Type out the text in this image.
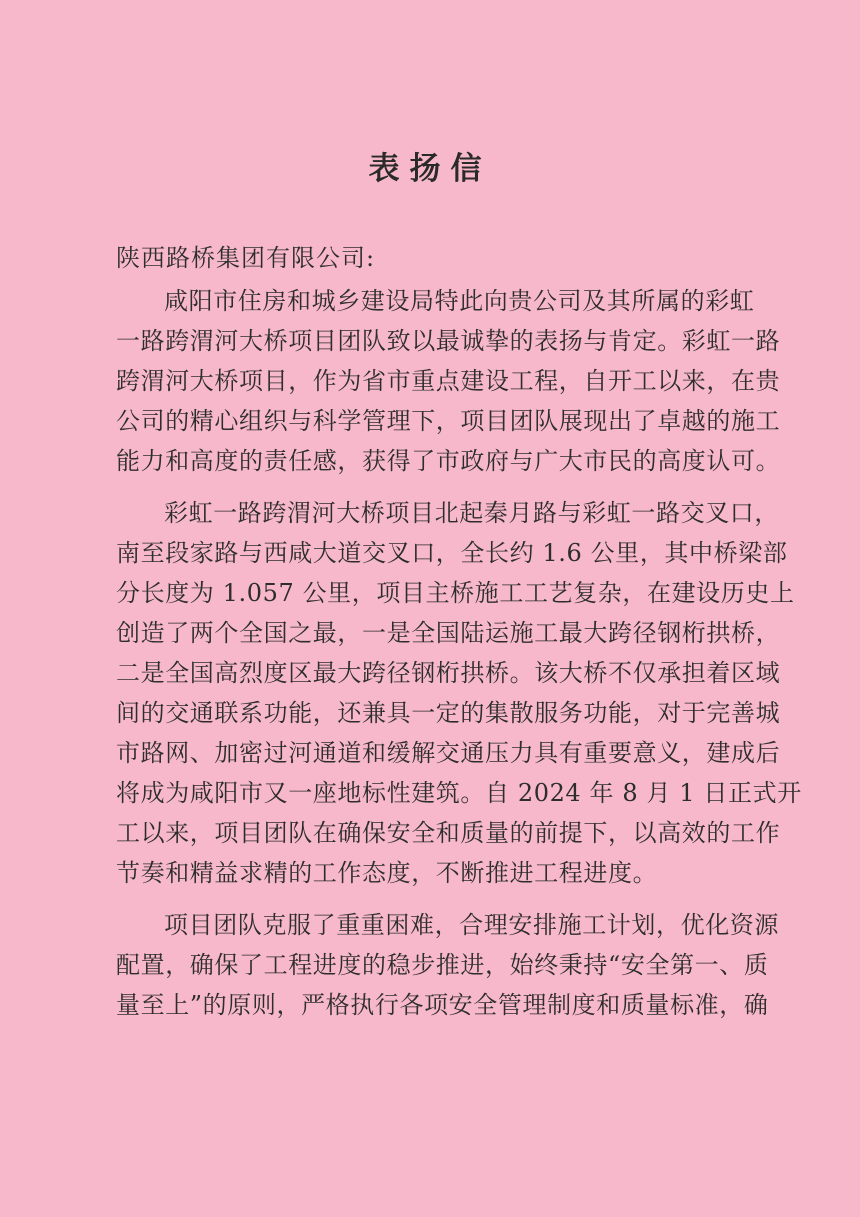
表扬信
陕西路桥集团有限公司:
咸阳市住房和城乡建设局特此向贵公司及其所属的彩虹
一路跨渭河大桥项目团队致以最诚挚的表扬与肯定。彩虹一路
跨渭河大桥项目，作为省市重点建设工程，自开工以来，在贵
公司的精心组织与科学管理下，项目团队展现出了卓越的施工
能力和高度的责任感，获得了市政府与广大市民的高度认可。
彩虹一路跨渭河大桥项目北起秦月路与彩虹一路交叉口，
南至段家路与西咸大道交叉口，全长约 1.6 公里，其中桥梁部
分长度为 1.057 公里，项目主桥施工工艺复杂，在建设历史上
创造了两个全国之最，一是全国陆运施工最大跨径钢桁拱桥，
二是全国高烈度区最大跨径钢桁拱桥。该大桥不仅承担着区域
间的交通联系功能，还兼具一定的集散服务功能，对于完善城
市路网、加密过河通道和缓解交通压力具有重要意义，建成后
将成为咸阳市又一座地标性建筑。自 2024 年 8 月 1 日正式开
工以来，项目团队在确保安全和质量的前提下，以高效的工作
节奏和精益求精的工作态度，不断推进工程进度。
项目团队克服了重重困难，合理安排施工计划，优化资源
配置，确保了工程进度的稳步推进，始终秉持“安全第一、质
量至上”的原则，严格执行各项安全管理制度和质量标准，确
